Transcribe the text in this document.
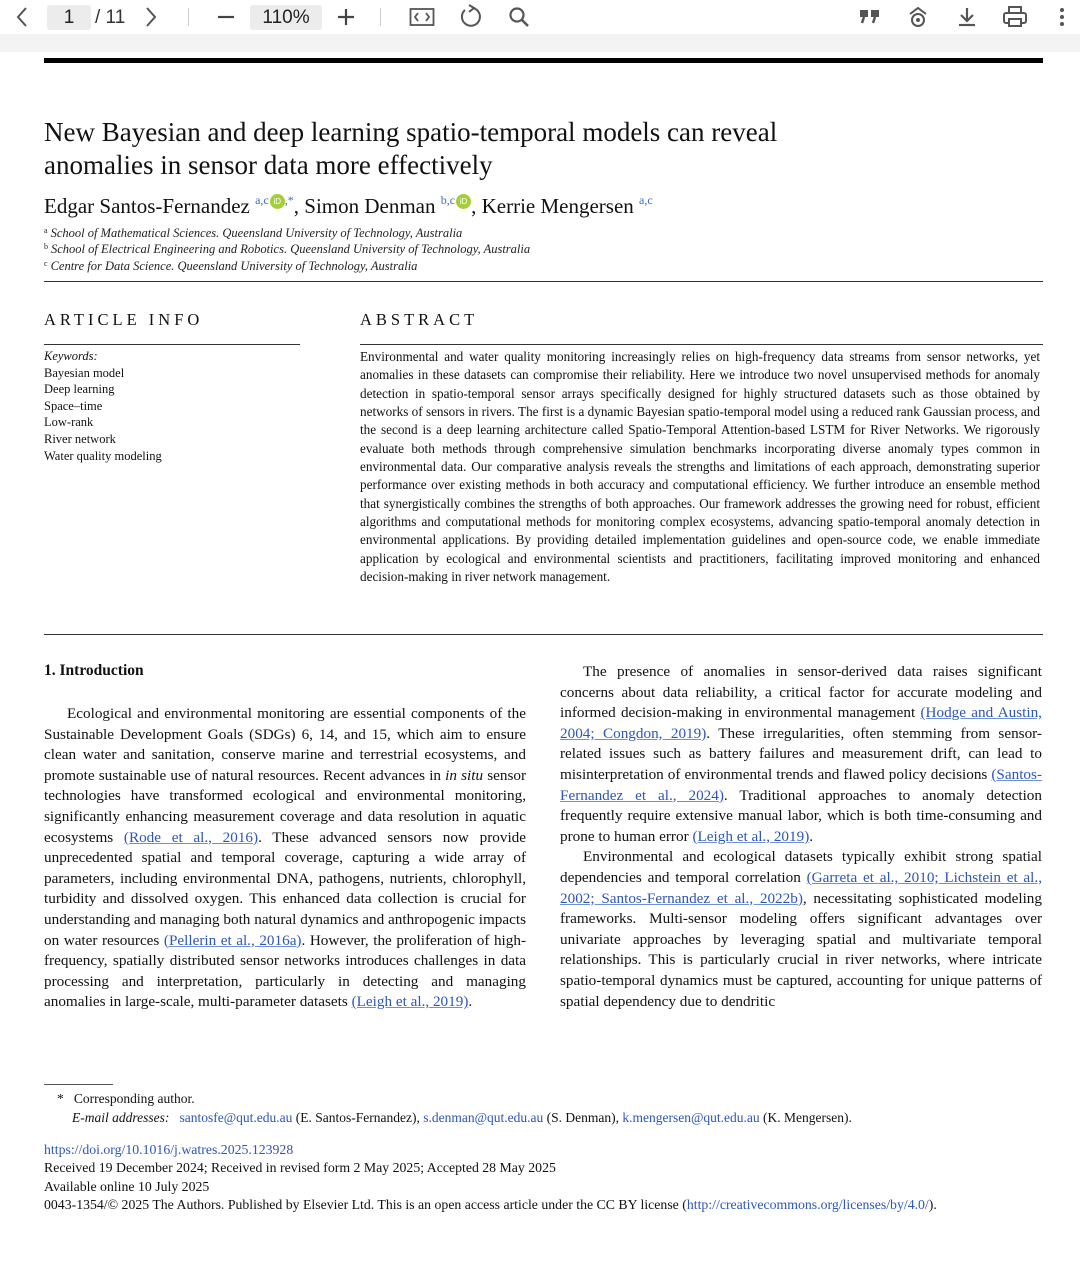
1	/ 11	110%
New Bayesian and deep learning spatio-temporal models can reveal
anomalies in sensor data more effectively
Edgar Santos-Fernandez $^{a,c}$ iD ,*, Simon Denman $^{b,c}$ iD , Kerrie Mengersen $^{a,c}$
$^a$ School of Mathematical Sciences. Queensland University of Technology, Australia
$^b$ School of Electrical Engineering and Robotics. Queensland University of Technology, Australia
$^c$ Centre for Data Science. Queensland University of Technology, Australia
ARTICLE INFO	ABSTRACT
Keywords:
Bayesian model
Deep learning
Space–time
Low-rank
River network
Water quality modeling

Environmental and water quality monitoring increasingly relies on high-frequency data streams from sensor networks, yet anomalies in these datasets can compromise their reliability. Here we introduce two novel unsupervised methods for anomaly detection in spatio-temporal sensor arrays specifically designed for highly structured datasets such as those obtained by networks of sensors in rivers. The first is a dynamic Bayesian spatio-temporal model using a reduced rank Gaussian process, and the second is a deep learning architecture called Spatio-Temporal Attention-based LSTM for River Networks. We rigorously evaluate both methods through comprehensive simulation benchmarks incorporating diverse anomaly types common in environmental data. Our comparative analysis reveals the strengths and limitations of each approach, demonstrating superior performance over existing methods in both accuracy and computational efficiency. We further introduce an ensemble method that synergistically combines the strengths of both approaches. Our framework addresses the growing need for robust, efficient algorithms and computational methods for monitoring complex ecosystems, advancing spatio-temporal anomaly detection in environmental applications. By providing detailed implementation guidelines and open-source code, we enable immediate application by ecological and environmental scientists and practitioners, facilitating improved monitoring and enhanced decision-making in river network management.

1. Introduction

Ecological and environmental monitoring are essential components of the Sustainable Development Goals (SDGs) 6, 14, and 15, which aim to ensure clean water and sanitation, conserve marine and terrestrial ecosystems, and promote sustainable use of natural resources. Recent advances in in situ sensor technologies have transformed ecological and environmental monitoring, significantly enhancing measurement coverage and data resolution in aquatic ecosystems (Rode et al., 2016). These advanced sensors now provide unprecedented spatial and temporal coverage, capturing a wide array of parameters, including environmental DNA, pathogens, nutrients, chlorophyll, turbidity and dissolved oxygen. This enhanced data collection is crucial for understanding and managing both natural dynamics and anthropogenic impacts on water resources (Pellerin et al., 2016a). However, the proliferation of high-frequency, spatially distributed sensor networks introduces challenges in data processing and interpretation, particularly in detecting and managing anomalies in large-scale, multi-parameter datasets (Leigh et al., 2019).

The presence of anomalies in sensor-derived data raises significant concerns about data reliability, a critical factor for accurate modeling and informed decision-making in environmental management (Hodge and Austin, 2004; Congdon, 2019). These irregularities, often stemming from sensor-related issues such as battery failures and measurement drift, can lead to misinterpretation of environmental trends and flawed policy decisions (Santos-Fernandez et al., 2024). Traditional approaches to anomaly detection frequently require extensive manual labor, which is both time-consuming and prone to human error (Leigh et al., 2019).

Environmental and ecological datasets typically exhibit strong spatial dependencies and temporal correlation (Garreta et al., 2010; Lichstein et al., 2002; Santos-Fernandez et al., 2022b), necessitating sophisticated modeling frameworks. Multi-sensor modeling offers significant advantages over univariate approaches by leveraging spatial and multivariate temporal relationships. This is particularly crucial in river networks, where intricate spatio-temporal dynamics must be captured, accounting for unique patterns of spatial dependency due to dendritic

* Corresponding author.
E-mail addresses: santosfe@qut.edu.au (E. Santos-Fernandez), s.denman@qut.edu.au (S. Denman), k.mengersen@qut.edu.au (K. Mengersen).
https://doi.org/10.1016/j.watres.2025.123928
Received 19 December 2024; Received in revised form 2 May 2025; Accepted 28 May 2025
Available online 10 July 2025
0043-1354/© 2025 The Authors. Published by Elsevier Ltd. This is an open access article under the CC BY license (http://creativecommons.org/licenses/by/4.0/).
